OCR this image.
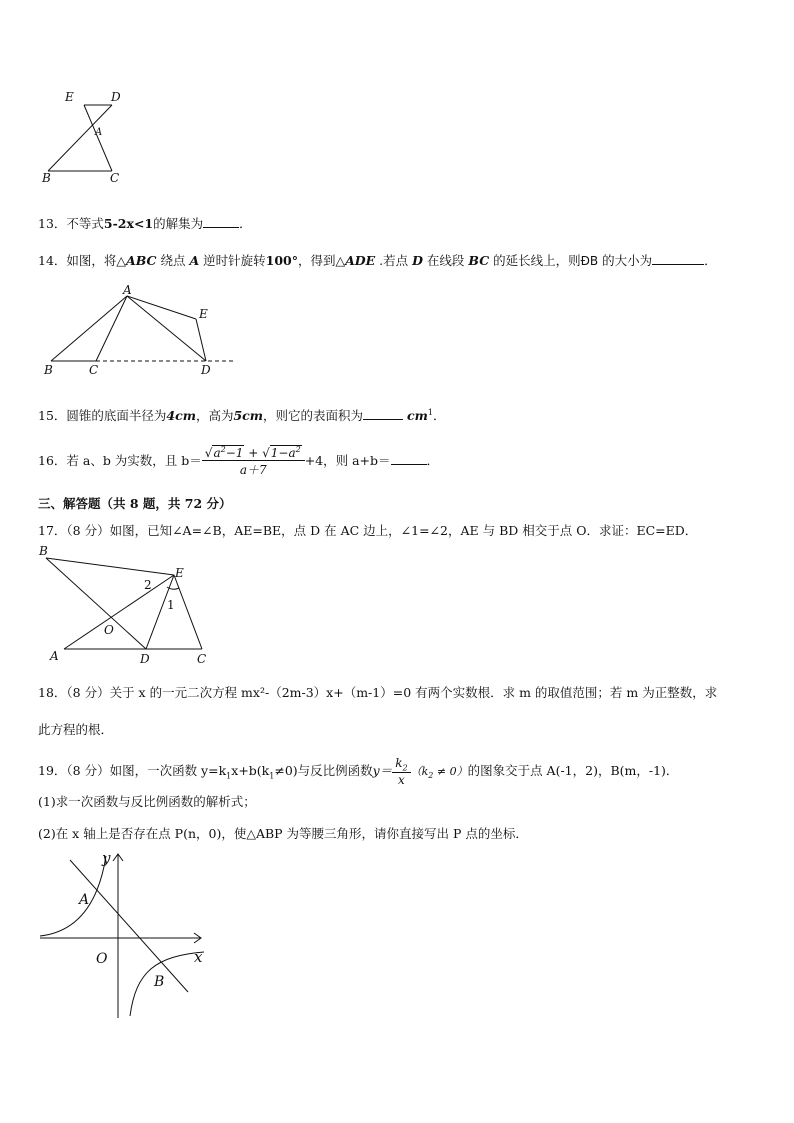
E	D
A
B	C
13．不等式5-2x<1的解集为	．
14．如图，将△ABC 绕点 A 逆时针旋转100°，得到△ADE .若点 D 在线段 BC 的延长线上，则ÐB 的大小为	．
A
E
B	C	D
15．圆锥的底面半径为4cm，高为5cm，则它的表面积为	$cm^1$．
16．若 a、b 为实数，且 $b= \frac{√a^2-1 + √1-a^2}{a+7} +4$，则 a+b＝	．
三、解答题（共 8 题，共 72 分）
17．（8 分）如图，已知∠A=∠B，AE=BE，点 D 在 AC 边上，∠1=∠2，AE 与 BD 相交于点 O．求证：EC=ED．
B
E
2
1
O
A	D	C
18．（8 分）关于 x 的一元二次方程 mx²-（2m-3）x+（m-1）=0 有两个实数根．求 m 的取值范围；若 m 为正整数，求
此方程的根．
19．（8 分）如图，一次函数 $y=k_1x+b(k_1\ne 0)$与反比例函数$y= \frac{k_2}{x} (k_2 \ne 0)$的图象交于点 A(-1，2)，B(m，-1)．
(1)求一次函数与反比例函数的解析式；
(2)在 x 轴上是否存在点 P(n，0)，使△ABP 为等腰三角形，请你直接写出 P 点的坐标．
y
A
O	x
B
